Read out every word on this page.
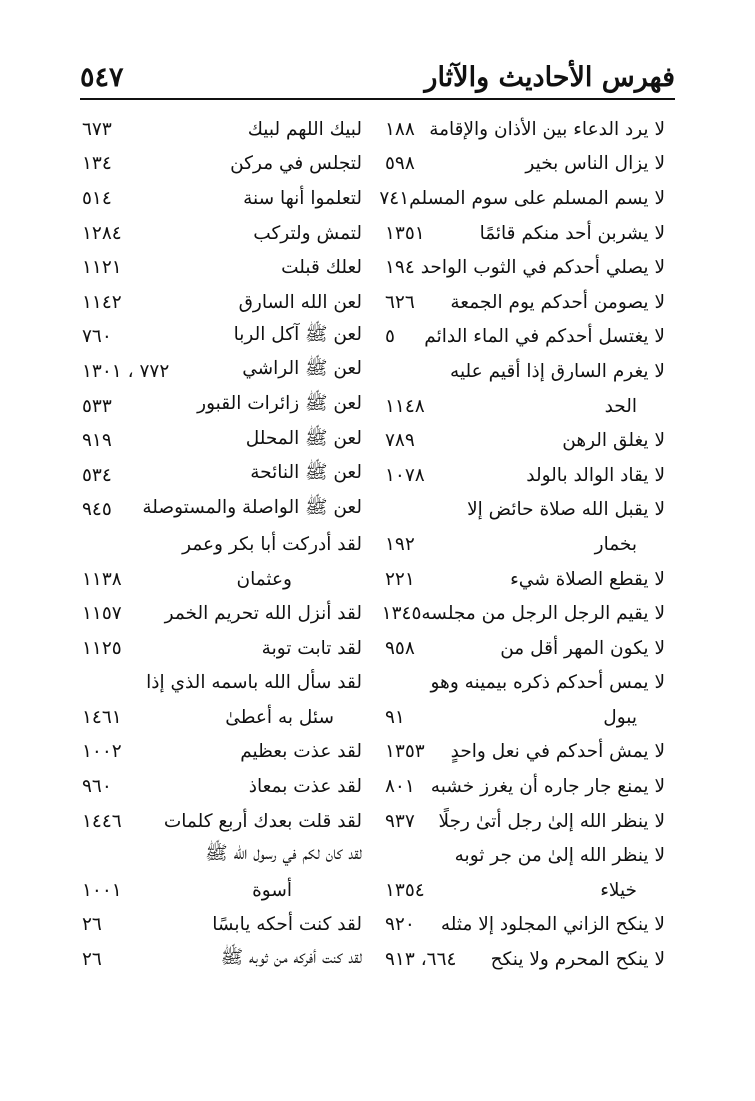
فهرس الأحاديث والآثار
٥٤٧
لا يرد الدعاء بين الأذان والإقامة
١٨٨
لا يزال الناس بخير
٥٩٨
لا يسم المسلم على سوم المسلم
٧٤١
لا يشربن أحد منكم قائمًا
١٣٥١
لا يصلي أحدكم في الثوب الواحد
١٩٤
لا يصومن أحدكم يوم الجمعة
٦٢٦
لا يغتسل أحدكم في الماء الدائم
٥
لا يغرم السارق إذا أقيم عليه
الحد
١١٤٨
لا يغلق الرهن
٧٨٩
لا يقاد الوالد بالولد
١٠٧٨
لا يقبل الله صلاة حائض إلا
بخمار
١٩٢
لا يقطع الصلاة شيء
٢٢١
لا يقيم الرجل الرجل من مجلسه
١٣٤٥
لا يكون المهر أقل من
٩٥٨
لا يمس أحدكم ذكره بيمينه وهو
يبول
٩١
لا يمش أحدكم في نعل واحدٍ
١٣٥٣
لا يمنع جار جاره أن يغرز خشبه
٨٠١
لا ينظر الله إلىٰ رجل أتىٰ رجلًا
٩٣٧
لا ينظر الله إلىٰ من جر ثوبه
خيلاء
١٣٥٤
لا ينكح الزاني المجلود إلا مثله
٩٢٠
لا ينكح المحرم ولا ينكح
٦٦٤، ٩١٣
لبيك اللهم لبيك
٦٧٣
لتجلس في مركن
١٣٤
لتعلموا أنها سنة
٥١٤
لتمش ولتركب
١٢٨٤
لعلك قبلت
١١٢١
لعن الله السارق
١١٤٢
لعن ﷺ آكل الربا
٧٦٠
لعن ﷺ الراشي
٧٧٢ ، ١٣٠١
لعن ﷺ زائرات القبور
٥٣٣
لعن ﷺ المحلل
٩١٩
لعن ﷺ النائحة
٥٣٤
لعن ﷺ الواصلة والمستوصلة
٩٤٥
لقد أدركت أبا بكر وعمر
وعثمان
١١٣٨
لقد أنزل الله تحريم الخمر
١١٥٧
لقد تابت توبة
١١٢٥
لقد سأل الله باسمه الذي إذا
سئل به أعطىٰ
١٤٦١
لقد عذت بعظيم
١٠٠٢
لقد عذت بمعاذ
٩٦٠
لقد قلت بعدك أربع كلمات
١٤٤٦
لقد كان لكم في رسول الله ﷺ
أسوة
١٠٠١
لقد كنت أحكه يابسًا
٢٦
لقد كنت أفركه من ثوبه ﷺ
٢٦
